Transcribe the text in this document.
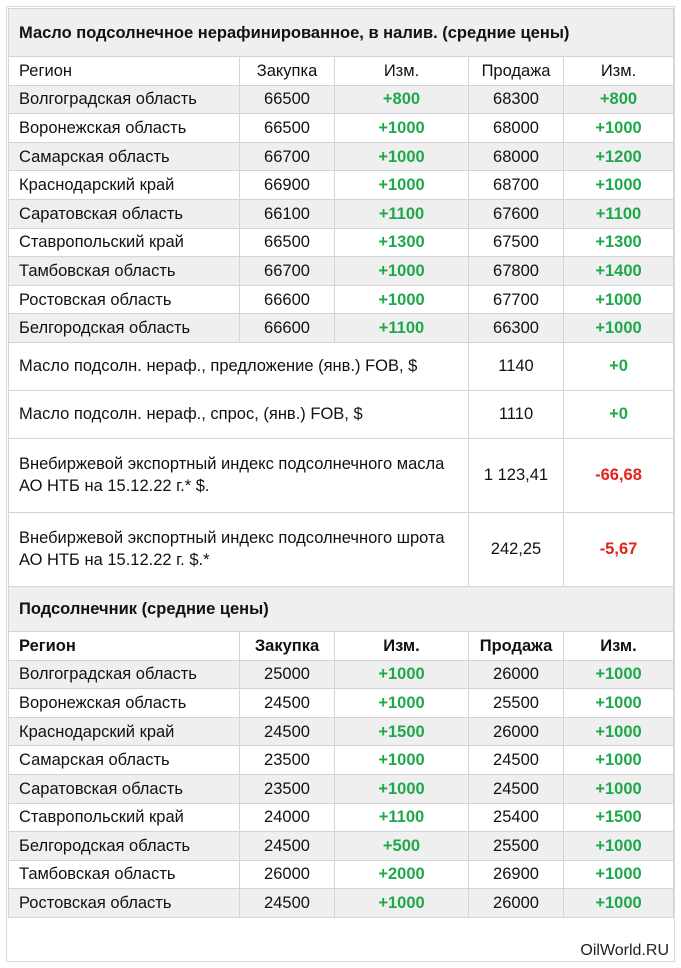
Масло подсолнечное нерафинированное, в налив. (средние цены)				
Регион	Закупка	Изм.	Продажа	Изм.
Волгоградская область	66500	+800	68300	+800
Воронежская область	66500	+1000	68000	+1000
Самарская область	66700	+1000	68000	+1200
Краснодарский край	66900	+1000	68700	+1000
Саратовская область	66100	+1100	67600	+1100
Ставропольский край	66500	+1300	67500	+1300
Тамбовская область	66700	+1000	67800	+1400
Ростовская область	66600	+1000	67700	+1000
Белгородская область	66600	+1100	66300	+1000
Масло подсолн. нераф., предложение (янв.) FOB, $			1140	+0
Масло подсолн. нераф., спрос, (янв.) FOB, $			1110	+0
Внебиржевой экспортный индекс подсолнечного масла АО НТБ на 15.12.22 г.* $.			1 123,41	-66,68
Внебиржевой экспортный индекс подсолнечного шрота АО НТБ на 15.12.22 г. $.*			242,25	-5,67
Подсолнечник (средние цены)				
Регион	Закупка	Изм.	Продажа	Изм.
Волгоградская область	25000	+1000	26000	+1000
Воронежская область	24500	+1000	25500	+1000
Краснодарский край	24500	+1500	26000	+1000
Самарская область	23500	+1000	24500	+1000
Саратовская область	23500	+1000	24500	+1000
Ставропольский край	24000	+1100	25400	+1500
Белгородская область	24500	+500	25500	+1000
Тамбовская область	26000	+2000	26900	+1000
Ростовская область	24500	+1000	26000	+1000
OilWorld.RU
